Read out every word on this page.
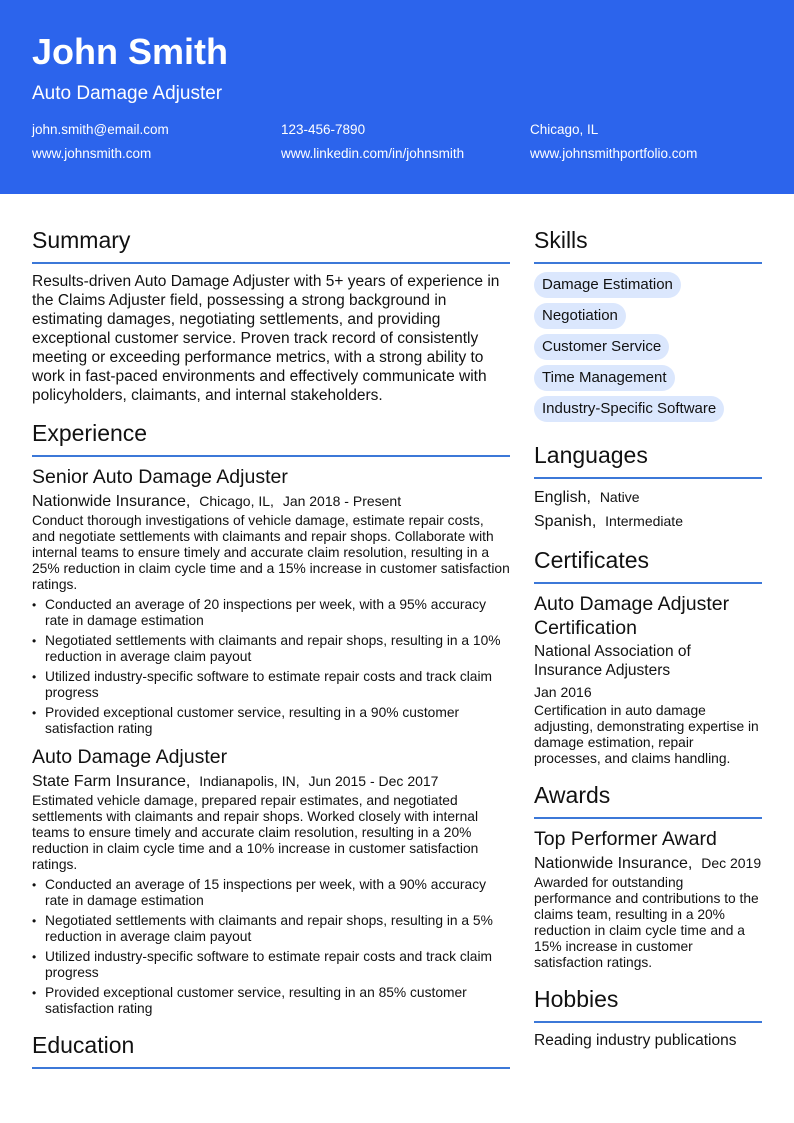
John Smith
Auto Damage Adjuster
john.smith@email.com	123-456-7890	Chicago, IL
www.johnsmith.com	www.linkedin.com/in/johnsmith	www.johnsmithportfolio.com
Summary
Results-driven Auto Damage Adjuster with 5+ years of experience in the Claims Adjuster field, possessing a strong background in estimating damages, negotiating settlements, and providing exceptional customer service. Proven track record of consistently meeting or exceeding performance metrics, with a strong ability to work in fast-paced environments and effectively communicate with policyholders, claimants, and internal stakeholders.
Experience
Senior Auto Damage Adjuster
Nationwide Insurance, Chicago, IL, Jan 2018 - Present
Conduct thorough investigations of vehicle damage, estimate repair costs, and negotiate settlements with claimants and repair shops. Collaborate with internal teams to ensure timely and accurate claim resolution, resulting in a 25% reduction in claim cycle time and a 15% increase in customer satisfaction ratings.
• Conducted an average of 20 inspections per week, with a 95% accuracy rate in damage estimation
• Negotiated settlements with claimants and repair shops, resulting in a 10% reduction in average claim payout
• Utilized industry-specific software to estimate repair costs and track claim progress
• Provided exceptional customer service, resulting in a 90% customer satisfaction rating
Auto Damage Adjuster
State Farm Insurance, Indianapolis, IN, Jun 2015 - Dec 2017
Estimated vehicle damage, prepared repair estimates, and negotiated settlements with claimants and repair shops. Worked closely with internal teams to ensure timely and accurate claim resolution, resulting in a 20% reduction in claim cycle time and a 10% increase in customer satisfaction ratings.
• Conducted an average of 15 inspections per week, with a 90% accuracy rate in damage estimation
• Negotiated settlements with claimants and repair shops, resulting in a 5% reduction in average claim payout
• Utilized industry-specific software to estimate repair costs and track claim progress
• Provided exceptional customer service, resulting in an 85% customer satisfaction rating
Education
Skills
Damage Estimation
Negotiation
Customer Service
Time Management
Industry-Specific Software
Languages
English, Native
Spanish, Intermediate
Certificates
Auto Damage Adjuster Certification
National Association of Insurance Adjusters
Jan 2016
Certification in auto damage adjusting, demonstrating expertise in damage estimation, repair processes, and claims handling.
Awards
Top Performer Award
Nationwide Insurance, Dec 2019
Awarded for outstanding performance and contributions to the claims team, resulting in a 20% reduction in claim cycle time and a 15% increase in customer satisfaction ratings.
Hobbies
Reading industry publications
